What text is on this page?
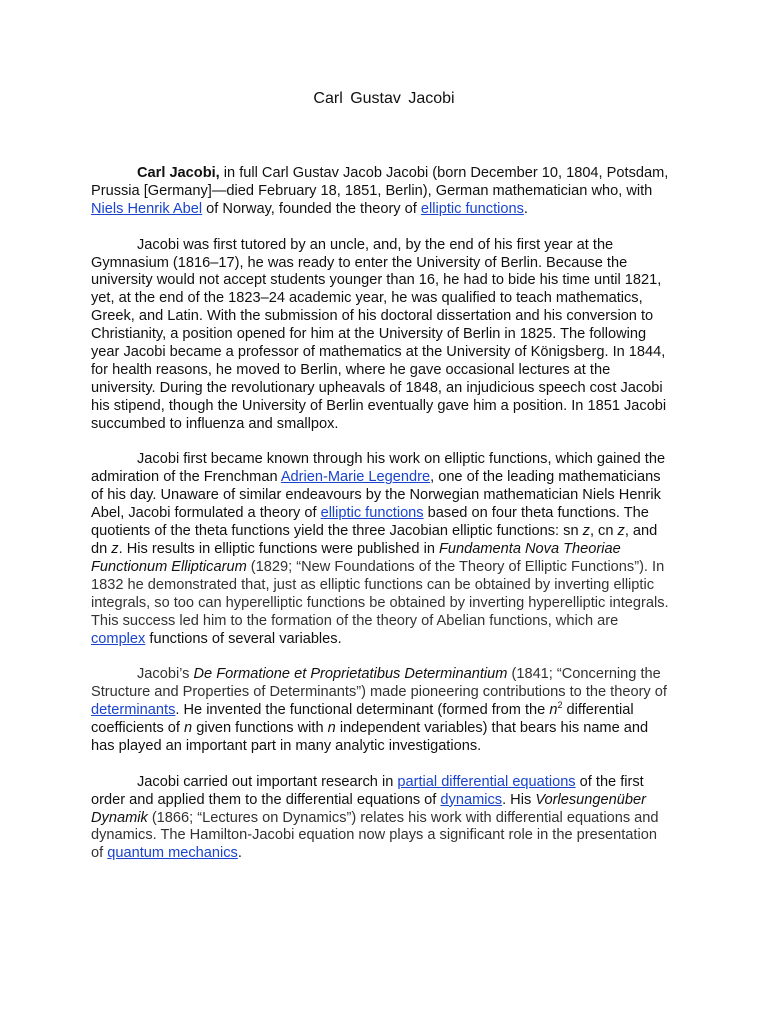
Carl Gustav Jacobi

Carl Jacobi, in full Carl Gustav Jacob Jacobi (born December 10, 1804, Potsdam, Prussia [Germany]—died February 18, 1851, Berlin), German mathematician who, with Niels Henrik Abel of Norway, founded the theory of elliptic functions.

Jacobi was first tutored by an uncle, and, by the end of his first year at the Gymnasium (1816–17), he was ready to enter the University of Berlin. Because the university would not accept students younger than 16, he had to bide his time until 1821, yet, at the end of the 1823–24 academic year, he was qualified to teach mathematics, Greek, and Latin. With the submission of his doctoral dissertation and his conversion to Christianity, a position opened for him at the University of Berlin in 1825. The following year Jacobi became a professor of mathematics at the University of Königsberg. In 1844, for health reasons, he moved to Berlin, where he gave occasional lectures at the university. During the revolutionary upheavals of 1848, an injudicious speech cost Jacobi his stipend, though the University of Berlin eventually gave him a position. In 1851 Jacobi succumbed to influenza and smallpox.

Jacobi first became known through his work on elliptic functions, which gained the admiration of the Frenchman Adrien-Marie Legendre, one of the leading mathematicians of his day. Unaware of similar endeavours by the Norwegian mathematician Niels Henrik Abel, Jacobi formulated a theory of elliptic functions based on four theta functions. The quotients of the theta functions yield the three Jacobian elliptic functions: sn z, cn z, and dn z. His results in elliptic functions were published in Fundamenta Nova Theoriae Functionum Ellipticarum (1829; “New Foundations of the Theory of Elliptic Functions”). In 1832 he demonstrated that, just as elliptic functions can be obtained by inverting elliptic integrals, so too can hyperelliptic functions be obtained by inverting hyperelliptic integrals. This success led him to the formation of the theory of Abelian functions, which are complex functions of several variables.

Jacobi’s De Formatione et Proprietatibus Determinantium (1841; “Concerning the Structure and Properties of Determinants”) made pioneering contributions to the theory of determinants. He invented the functional determinant (formed from the $n^2$ differential coefficients of n given functions with n independent variables) that bears his name and has played an important part in many analytic investigations.

Jacobi carried out important research in partial differential equations of the first order and applied them to the differential equations of dynamics. His Vorlesungenüber Dynamik (1866; “Lectures on Dynamics”) relates his work with differential equations and dynamics. The Hamilton-Jacobi equation now plays a significant role in the presentation of quantum mechanics.
